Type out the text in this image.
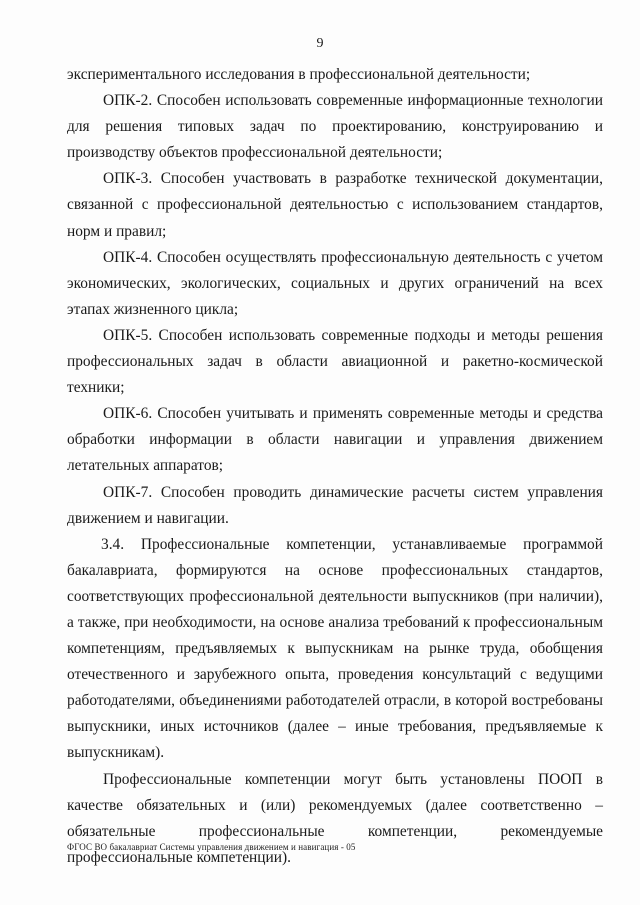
9

экспериментального исследования в профессиональной деятельности;

ОПК-2. Способен использовать современные информационные технологии для решения типовых задач по проектированию, конструированию и производству объектов профессиональной деятельности;

ОПК-3. Способен участвовать в разработке технической документации, связанной с профессиональной деятельностью с использованием стандартов, норм и правил;

ОПК-4. Способен осуществлять профессиональную деятельность с учетом экономических, экологических, социальных и других ограничений на всех этапах жизненного цикла;

ОПК-5. Способен использовать современные подходы и методы решения профессиональных задач в области авиационной и ракетно-космической техники;

ОПК-6. Способен учитывать и применять современные методы и средства обработки информации в области навигации и управления движением летательных аппаратов;

ОПК-7. Способен проводить динамические расчеты систем управления движением и навигации.

3.4. Профессиональные компетенции, устанавливаемые программой бакалавриата, формируются на основе профессиональных стандартов, соответствующих профессиональной деятельности выпускников (при наличии), а также, при необходимости, на основе анализа требований к профессиональным компетенциям, предъявляемых к выпускникам на рынке труда, обобщения отечественного и зарубежного опыта, проведения консультаций с ведущими работодателями, объединениями работодателей отрасли, в которой востребованы выпускники, иных источников (далее – иные требования, предъявляемые к выпускникам).

Профессиональные компетенции могут быть установлены ПООП в качестве обязательных и (или) рекомендуемых (далее соответственно – обязательные профессиональные компетенции, рекомендуемые профессиональные компетенции).

ФГОС ВО бакалавриат Системы управления движением и навигация - 05
